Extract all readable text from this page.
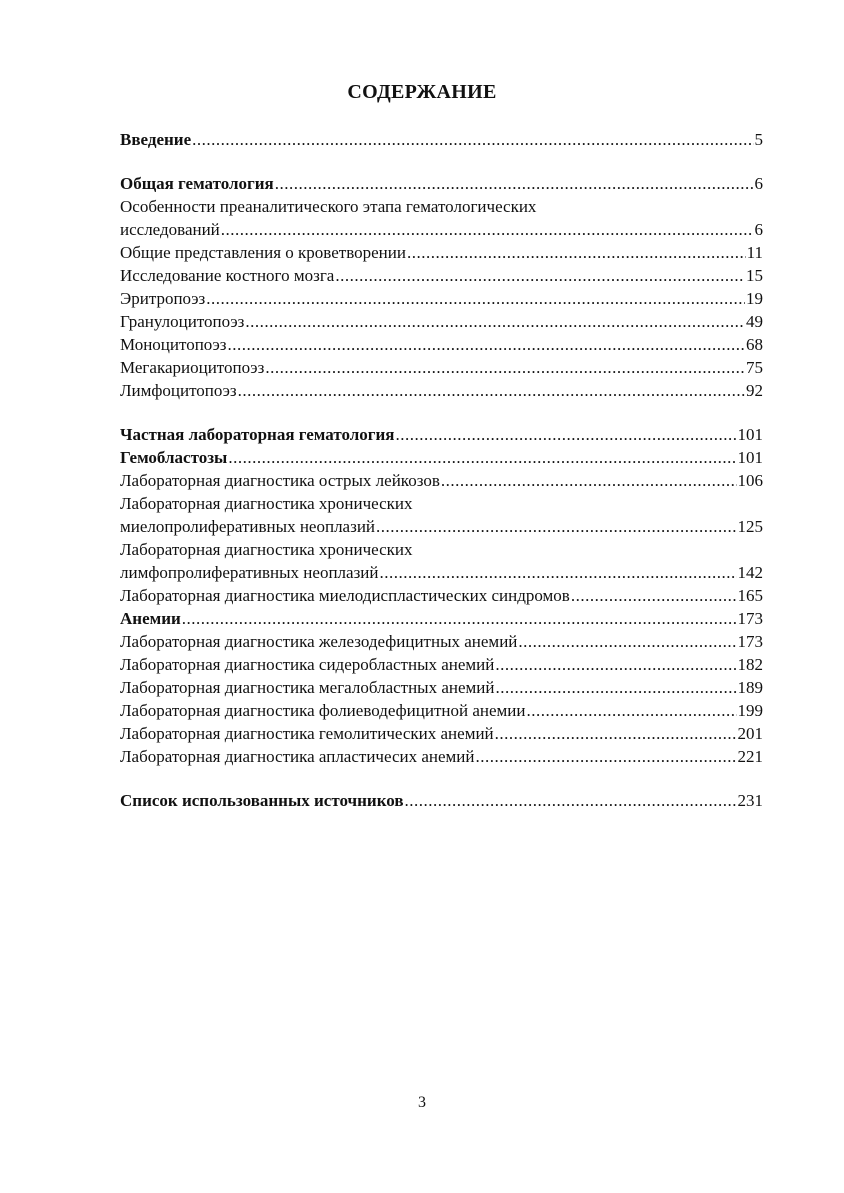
СОДЕРЖАНИЕ
Введение .....	5
Общая гематология .....	6
Особенности преаналитического этапа гематологических
исследований .....	6
Общие представления о кроветворении .....	11
Исследование костного мозга .....	15
Эритропоэз .....	19
Гранулоцитопоэз .....	49
Моноцитопоэз .....	68
Мегакариоцитопоэз .....	75
Лимфоцитопоэз .....	92
Частная лабораторная гематология .....	101
Гемобластозы .....	101
Лабораторная диагностика острых лейкозов .....	106
Лабораторная диагностика хронических
миелопролиферативных неоплазий .....	125
Лабораторная диагностика хронических
лимфопролиферативных неоплазий .....	142
Лабораторная диагностика миелодиспластических синдромов .....	165
Анемии .....	173
Лабораторная диагностика железодефицитных анемий .....	173
Лабораторная диагностика сидеробластных анемий .....	182
Лабораторная диагностика мегалобластных анемий .....	189
Лабораторная диагностика фолиеводефицитной анемии .....	199
Лабораторная диагностика гемолитических анемий .....	201
Лабораторная диагностика апластичесих анемий .....	221
Список использованных источников .....	231
3
